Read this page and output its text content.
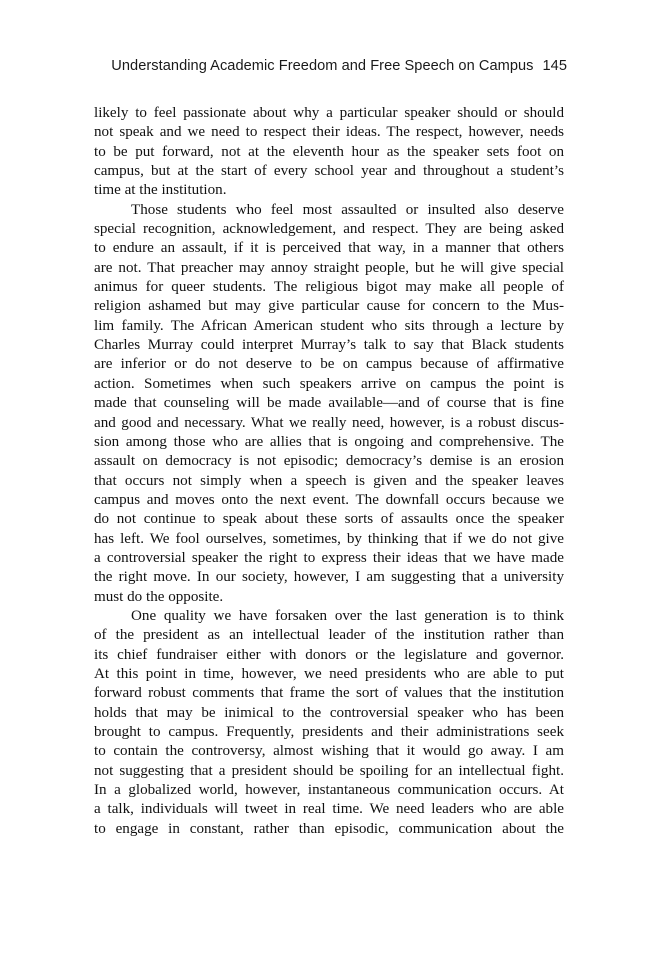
Understanding Academic Freedom and Free Speech on Campus 145
likely to feel passionate about why a particular speaker should or should
not speak and we need to respect their ideas. The respect, however, needs
to be put forward, not at the eleventh hour as the speaker sets foot on
campus, but at the start of every school year and throughout a student’s
time at the institution.
Those students who feel most assaulted or insulted also deserve
special recognition, acknowledgement, and respect. They are being asked
to endure an assault, if it is perceived that way, in a manner that others
are not. That preacher may annoy straight people, but he will give special
animus for queer students. The religious bigot may make all people of
religion ashamed but may give particular cause for concern to the Mus-
lim family. The African American student who sits through a lecture by
Charles Murray could interpret Murray’s talk to say that Black students
are inferior or do not deserve to be on campus because of affirmative
action. Sometimes when such speakers arrive on campus the point is
made that counseling will be made available—and of course that is fine
and good and necessary. What we really need, however, is a robust discus-
sion among those who are allies that is ongoing and comprehensive. The
assault on democracy is not episodic; democracy’s demise is an erosion
that occurs not simply when a speech is given and the speaker leaves
campus and moves onto the next event. The downfall occurs because we
do not continue to speak about these sorts of assaults once the speaker
has left. We fool ourselves, sometimes, by thinking that if we do not give
a controversial speaker the right to express their ideas that we have made
the right move. In our society, however, I am suggesting that a university
must do the opposite.
One quality we have forsaken over the last generation is to think
of the president as an intellectual leader of the institution rather than
its chief fundraiser either with donors or the legislature and governor.
At this point in time, however, we need presidents who are able to put
forward robust comments that frame the sort of values that the institution
holds that may be inimical to the controversial speaker who has been
brought to campus. Frequently, presidents and their administrations seek
to contain the controversy, almost wishing that it would go away. I am
not suggesting that a president should be spoiling for an intellectual fight.
In a globalized world, however, instantaneous communication occurs. At
a talk, individuals will tweet in real time. We need leaders who are able
to engage in constant, rather than episodic, communication about the
